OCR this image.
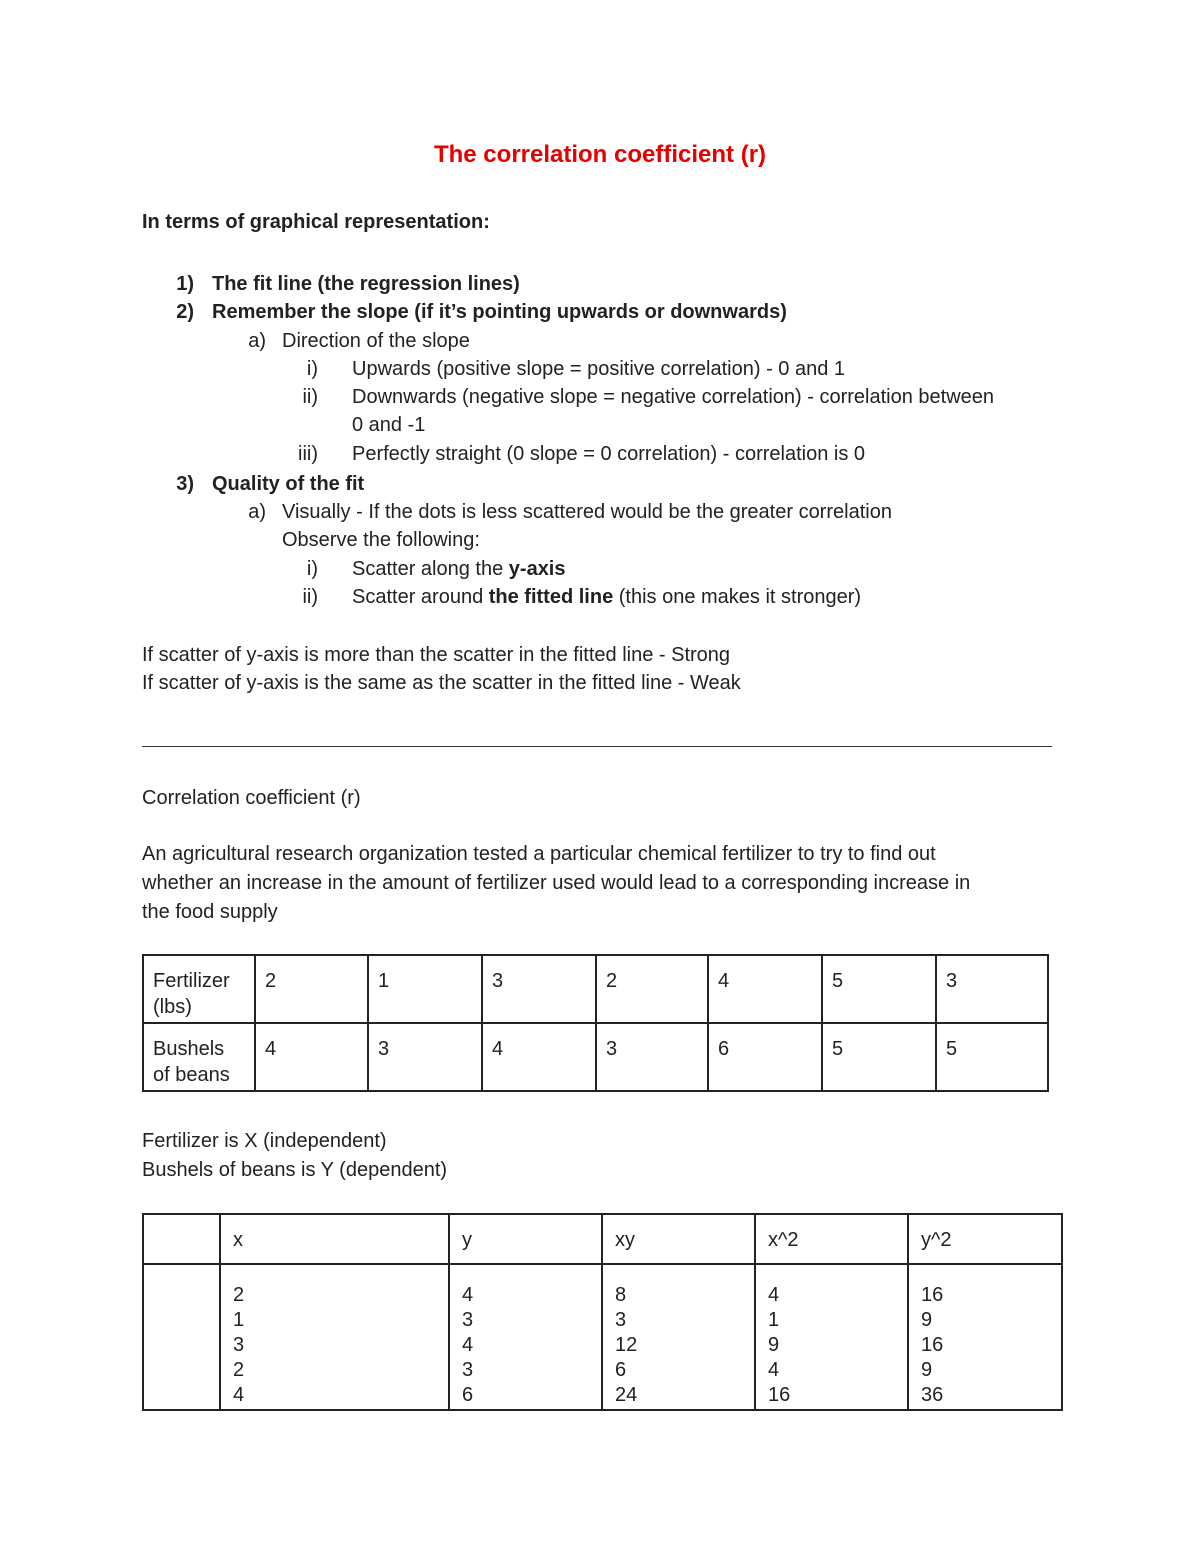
The correlation coefficient (r)
In terms of graphical representation:
1) The fit line (the regression lines)
2) Remember the slope (if it’s pointing upwards or downwards)
a) Direction of the slope
i) Upwards (positive slope = positive correlation) - 0 and 1
ii) Downwards (negative slope = negative correlation) - correlation between
0 and -1
iii) Perfectly straight (0 slope = 0 correlation) - correlation is 0
3) Quality of the fit
a) Visually - If the dots is less scattered would be the greater correlation
Observe the following:
i) Scatter along the y-axis
ii) Scatter around the fitted line (this one makes it stronger)
If scatter of y-axis is more than the scatter in the fitted line - Strong
If scatter of y-axis is the same as the scatter in the fitted line - Weak
Correlation coefficient (r)
An agricultural research organization tested a particular chemical fertilizer to try to find out
whether an increase in the amount of fertilizer used would lead to a corresponding increase in
the food supply
Fertilizer
(lbs)	2	1	3	2	4	5	3

Bushels
of beans	4	3	4	3	6	5	5
Fertilizer is X (independent)
Bushels of beans is Y (dependent)
	x	y	xy	x^2	y^2

	2
1
3
2
4	4
3
4
3
6	8
3
12
6
24	4
1
9
4
16	16
9
16
9
36
